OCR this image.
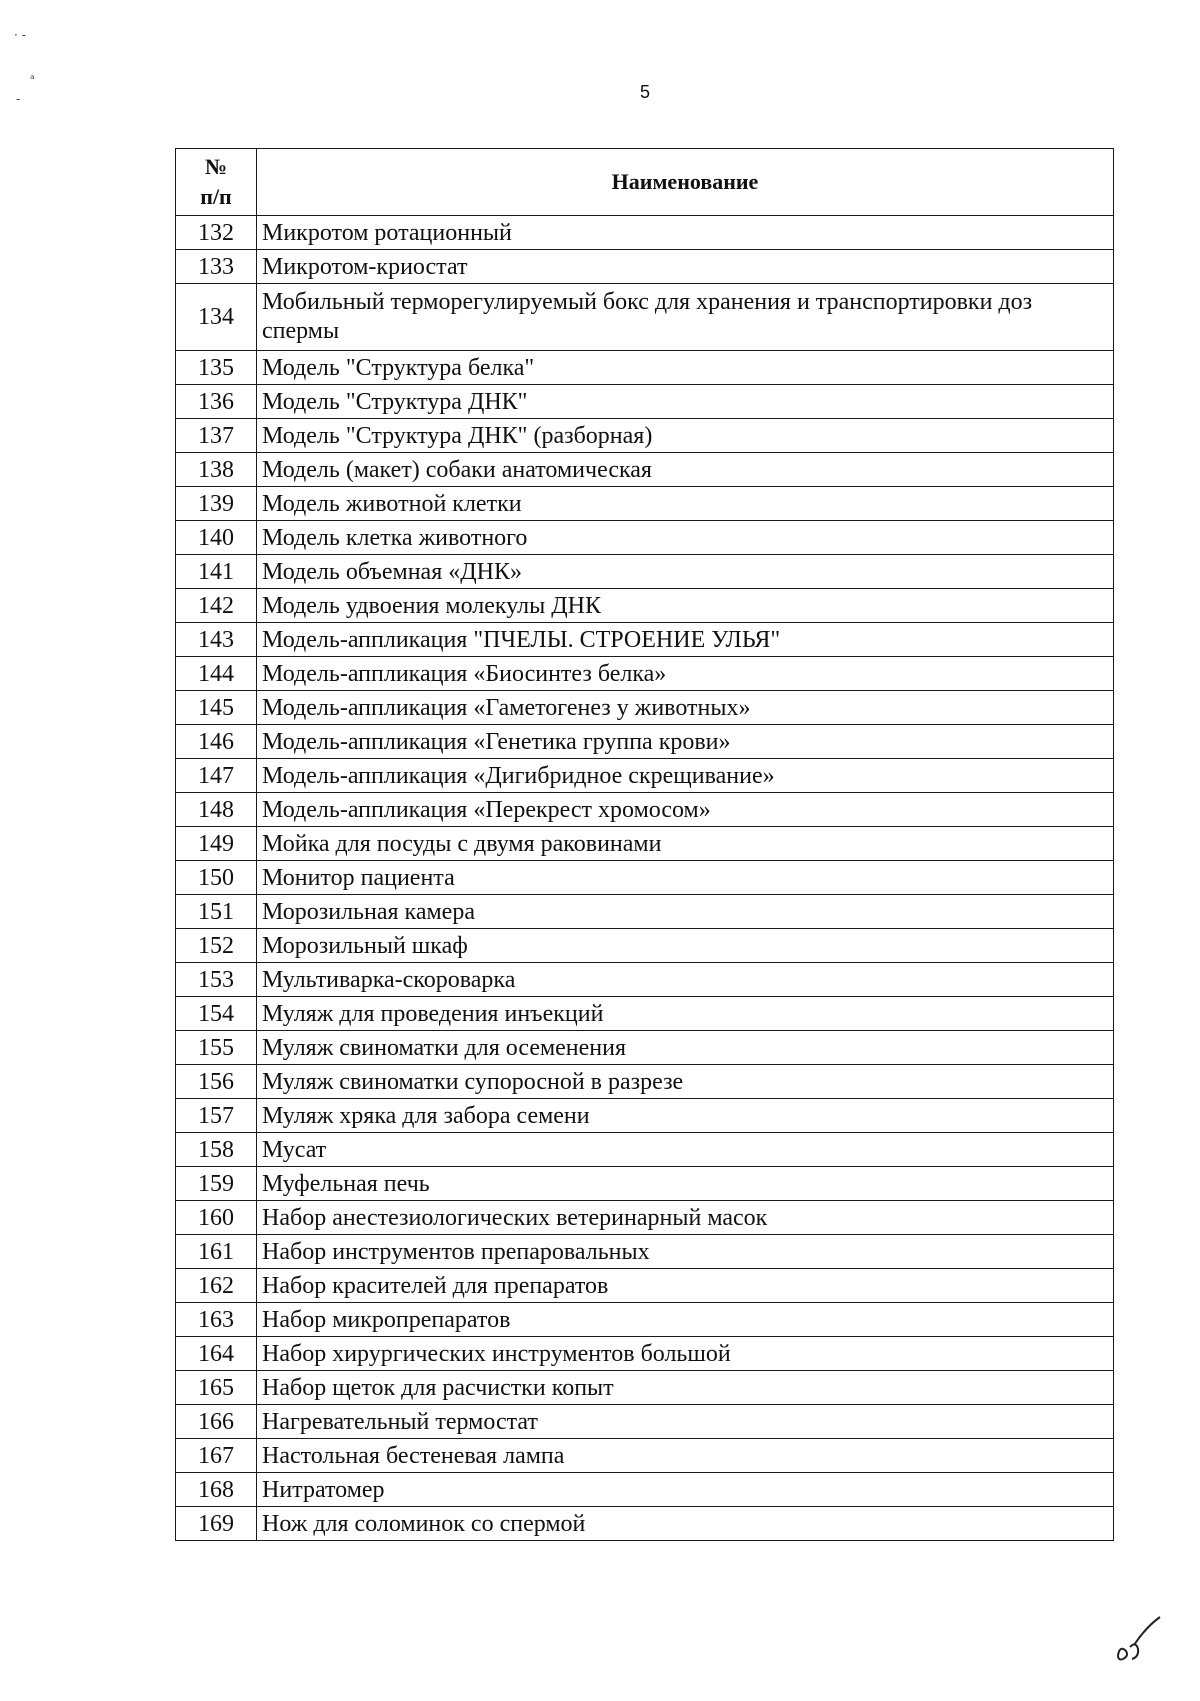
5
· -
ᵃ
-
№
п/п	Наименование
132	Микротом ротационный
133	Микротом-криостат
134	Мобильный терморегулируемый бокс для хранения и транспортировки доз спермы
135	Модель "Структура белка"
136	Модель "Структура ДНК"
137	Модель "Структура ДНК" (разборная)
138	Модель (макет) собаки анатомическая
139	Модель животной клетки
140	Модель клетка животного
141	Модель объемная «ДНК»
142	Модель удвоения молекулы ДНК
143	Модель-аппликация "ПЧЕЛЫ. СТРОЕНИЕ УЛЬЯ"
144	Модель-аппликация «Биосинтез белка»
145	Модель-аппликация «Гаметогенез у животных»
146	Модель-аппликация «Генетика группа крови»
147	Модель-аппликация «Дигибридное скрещивание»
148	Модель-аппликация «Перекрест хромосом»
149	Мойка для посуды с двумя раковинами
150	Монитор пациента
151	Морозильная камера
152	Морозильный шкаф
153	Мультиварка-скороварка
154	Муляж для проведения инъекций
155	Муляж свиноматки для осеменения
156	Муляж свиноматки супоросной в разрезе
157	Муляж хряка для забора семени
158	Мусат
159	Муфельная печь
160	Набор анестезиологических ветеринарный масок
161	Набор инструментов препаровальных
162	Набор красителей для препаратов
163	Набор микропрепаратов
164	Набор хирургических инструментов большой
165	Набор щеток для расчистки копыт
166	Нагревательный термостат
167	Настольная бестеневая лампа
168	Нитратомер
169	Нож для соломинок со спермой
